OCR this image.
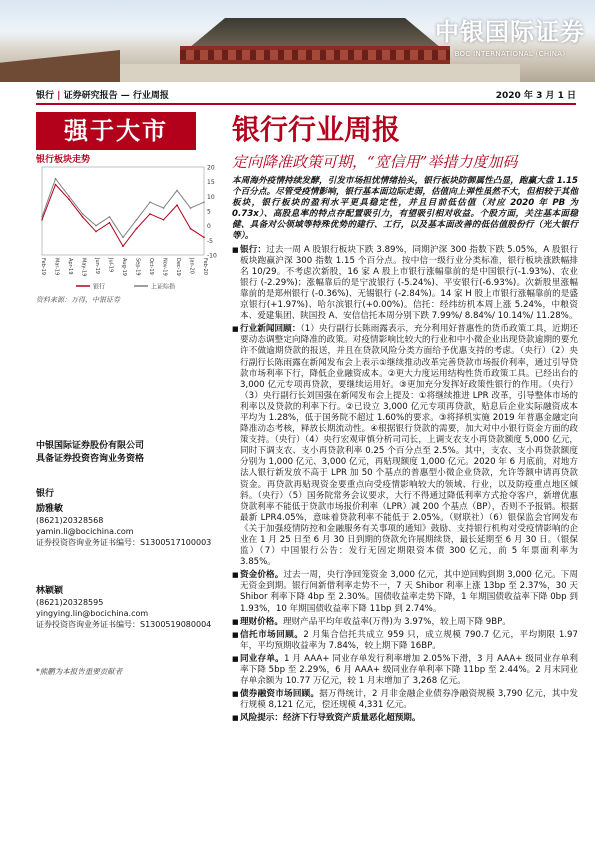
中银国际证券
BOC INTERNATIONAL (CHINA)
银行 | 证券研究报告 — 行业周报	2020 年 3 月 1 日
强于大市	银行行业周报
定向降准政策可期，“宽信用”举措力度加码
银行板块走势
20
15
10
5
0
-5
-10
Feb-19 Mar-19 Apr-19 May-19 Jun-19 Jul-19 Aug-19 Sep-19 Oct-19 Nov-19 Dec-19 Jan-20 Feb-20
银行	上证综指
资料来源：万得，中银证券
中银国际证券股份有限公司
具备证券投资咨询业务资格
银行
励雅敏
(8621)20328568
yamin.li@bocichina.com
证券投资咨询业务证书编号：S1300517100003
林颖颖
(8621)20328595
yingying.lin@bocichina.com
证券投资咨询业务证书编号：S1300519080004
*熊鹏为本报告重要贡献者

本周海外疫情持续发酵，引发市场担忧情绪抬头，银行板块防御属性凸显，跑赢大盘 1.15 个百分点。尽管受疫情影响，银行基本面边际走弱，估值向上弹性虽然不大，但相较于其他板块，银行板块的盈利水平更具稳定性，并且目前低估值（对应 2020 年 PB 为 0.73x）、高股息率的特点存配置吸引力，有望吸引相对收益。个股方面，关注基本面稳健、具备对公领域等特殊优势的建行、工行，以及基本面改善的低估值股份行（光大银行等）。

■ 银行：过去一周 A 股银行板块下跌 3.89%，同期沪深 300 指数下跌 5.05%，A 股银行板块跑赢沪深 300 指数 1.15 个百分点。按中信一级行业分类标准，银行板块涨跌幅排名 10/29。不考虑次新股，16 家 A 股上市银行涨幅靠前的是中国银行(-1.93%)、农业银行 (-2.29%)；涨幅靠后的是宁波银行 (-5.24%)、平安银行(-6.93%)。次新股里涨幅靠前的是郑州银行 (-0.36%)、无锡银行 (-2.84%)。14 家 H 股上市银行涨幅靠前的是盛京银行(+1.97%)、哈尔滨银行(+0.00%)。信托：经纬纺机本周上涨 5.24%，中粮资本、爱建集团、陕国投 A、安信信托本周分别下跌 7.99%/ 8.84%/ 10.14%/ 11.28%。

■ 行业新闻回顾：（1）央行副行长陈雨露表示，充分利用好普惠性的货币政策工具，近期还要动态调整定向降准的政策。对疫情影响比较大的行业和中小微企业出现贷款逾期的要允许不做逾期贷款的报送，并且在贷款风险分类方面给予优惠支持的考虑。（央行）（2）央行副行长陈雨露在新闻发布会上表示①继续推动改革完善贷款市场报价利率，通过引导贷款市场利率下行，降低企业融资成本。②更大力度运用结构性货币政策工具。已经出台的 3,000 亿元专项再贷款，要继续运用好。③更加充分发挥好政策性银行的作用。（央行）（3）央行副行长刘国强在新闻发布会上提及：①将继续推进 LPR 改革，引导整体市场的利率以及贷款的利率下行。②已设立 3,000 亿元专项再贷款，贴息后企业实际融资成本平均为 1.28%，低于国务院不超过 1.60%的要求。③将择机实施 2019 年普惠金融定向降准动态考核，释放长期流动性。④根据银行贷款的需要，加大对中小银行资金方面的政策支持。（央行）（4）央行宏观审慎分析司司长，上调支农支小再贷款额度 5,000 亿元，同时下调支农、支小再贷款利率 0.25 个百分点至 2.5%。其中，支农、支小再贷款额度分别为 1,000 亿元、3,000 亿元，再贴现额度 1,000 亿元。2020 年 6 月底前，对地方法人银行新发放不高于 LPR 加 50 个基点的普惠型小微企业贷款，允许等额申请再贷款资金。再贷款再贴现资金要重点向受疫情影响较大的领域、行业，以及防疫重点地区倾斜。（央行）（5）国务院常务会议要求，大行不得通过降低利率方式抢夺客户，新增优惠贷款利率不能低于贷款市场报价利率（LPR）减 200 个基点（BP），否则不予报销。根据最新 LPR4.05%，意味着贷款利率不能低于 2.05%。（财联社）（6）银保监会官网发布《关于加强疫情防控和金融服务有关事项的通知》鼓励、支持银行机构对受疫情影响的企业在 1 月 25 日至 6 月 30 日到期的贷款允许展期续贷，最长延期至 6 月 30 日。（银保监）（7）中国银行公告：发行无固定期限资本债 300 亿元，前 5 年票面利率为 3.85%。

■ 资金价格。过去一周，央行净回笼资金 3,000 亿元，其中逆回购到期 3,000 亿元。下周无资金到期。银行间新借利率走势不一，7 天 Shibor 利率上涨 13bp 至 2.37%，30 天 Shibor 利率下降 4bp 至 2.30%。国债收益率走势下降，1 年期国债收益率下降 0bp 到 1.93%，10 年期国债收益率下降 11bp 到 2.74%。

■ 理财价格。理财产品平均年收益率(万得)为 3.97%，较上周下降 9BP。

■ 信托市场回顾。2 月集合信托共成立 959 只，成立规模 790.7 亿元，平均期限 1.97 年，平均预期收益率为 7.84%，较上期下降 16BP。

■ 同业存单。1 月 AAA+ 同业存单发行利率增加 2.05%下滑，3 月 AAA+ 级同业存单利率下降 5bp 至 2.29%，6 月 AAA+ 级同业存单利率下降 11bp 至 2.44%。2 月末同业存单余额为 10.77 万亿元，较 1 月末增加了 3,268 亿元。

■ 债券融资市场回顾。据万得统计，2 月非金融企业债券净融资规模 3,790 亿元，其中发行规模 8,121 亿元，偿还规模 4,331 亿元。

■ 风险提示：经济下行导致资产质量恶化超预期。
